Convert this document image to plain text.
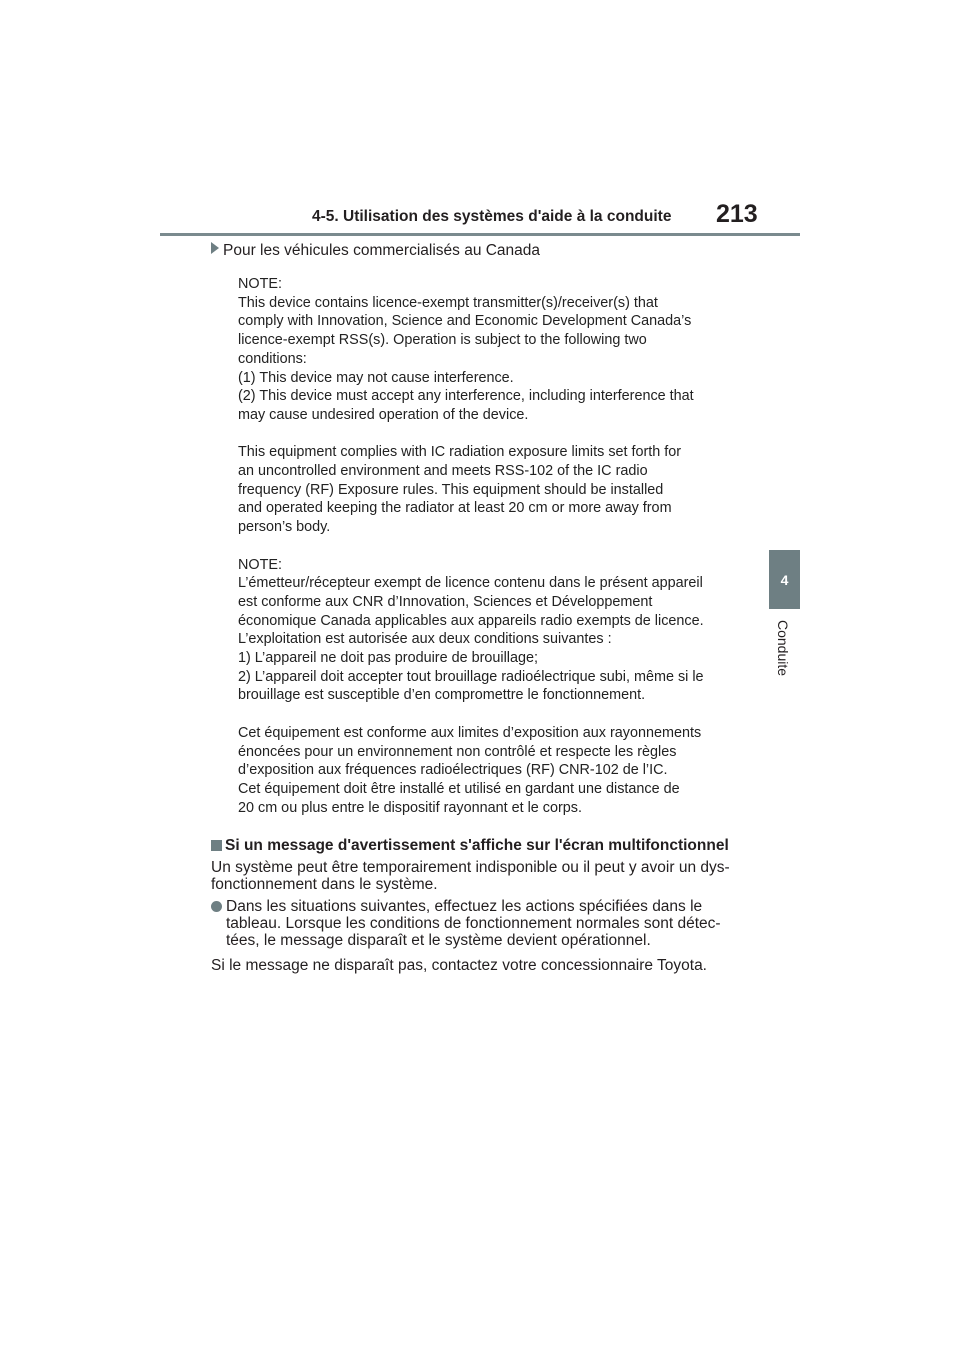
4-5. Utilisation des systèmes d'aide à la conduite 213
4
Conduite
Pour les véhicules commercialisés au Canada
NOTE:
This device contains licence-exempt transmitter(s)/receiver(s) that
comply with Innovation, Science and Economic Development Canada’s
licence-exempt RSS(s). Operation is subject to the following two
conditions:
(1) This device may not cause interference.
(2) This device must accept any interference, including interference that
may cause undesired operation of the device.
This equipment complies with IC radiation exposure limits set forth for
an uncontrolled environment and meets RSS-102 of the IC radio
frequency (RF) Exposure rules. This equipment should be installed
and operated keeping the radiator at least 20 cm or more away from
person’s body.
NOTE:
L’émetteur/récepteur exempt de licence contenu dans le présent appareil
est conforme aux CNR d’Innovation, Sciences et Développement
économique Canada applicables aux appareils radio exempts de licence.
L’exploitation est autorisée aux deux conditions suivantes :
1) L’appareil ne doit pas produire de brouillage;
2) L’appareil doit accepter tout brouillage radioélectrique subi, même si le
brouillage est susceptible d’en compromettre le fonctionnement.
Cet équipement est conforme aux limites d’exposition aux rayonnements
énoncées pour un environnement non contrôlé et respecte les règles
d’exposition aux fréquences radioélectriques (RF) CNR-102 de l’IC.
Cet équipement doit être installé et utilisé en gardant une distance de
20 cm ou plus entre le dispositif rayonnant et le corps.
Si un message d'avertissement s'affiche sur l'écran multifonctionnel
Un système peut être temporairement indisponible ou il peut y avoir un dys-
fonctionnement dans le système.
Dans les situations suivantes, effectuez les actions spécifiées dans le
tableau. Lorsque les conditions de fonctionnement normales sont détec-
tées, le message disparaît et le système devient opérationnel.
Si le message ne disparaît pas, contactez votre concessionnaire Toyota.
